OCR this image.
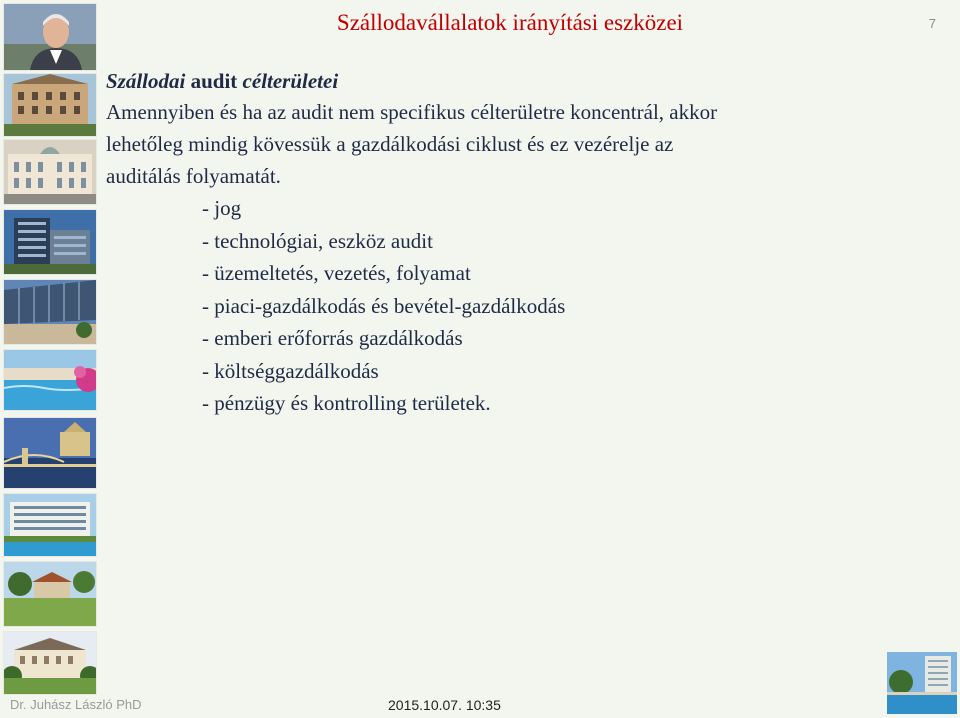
Szállodavállalatok irányítási eszközei	7
Szállodai audit célterületei
Amennyiben és ha az audit nem specifikus célterületre koncentrál, akkor
lehetőleg mindig kövessük a gazdálkodási ciklust és ez vezérelje az
auditálás folyamatát.
- jog
- technológiai, eszköz audit
- üzemeltetés, vezetés, folyamat
- piaci-gazdálkodás és bevétel-gazdálkodás
- emberi erőforrás gazdálkodás
- költséggazdálkodás
- pénzügy és kontrolling területek.
Dr. Juhász László PhD	2015.10.07. 10:35
